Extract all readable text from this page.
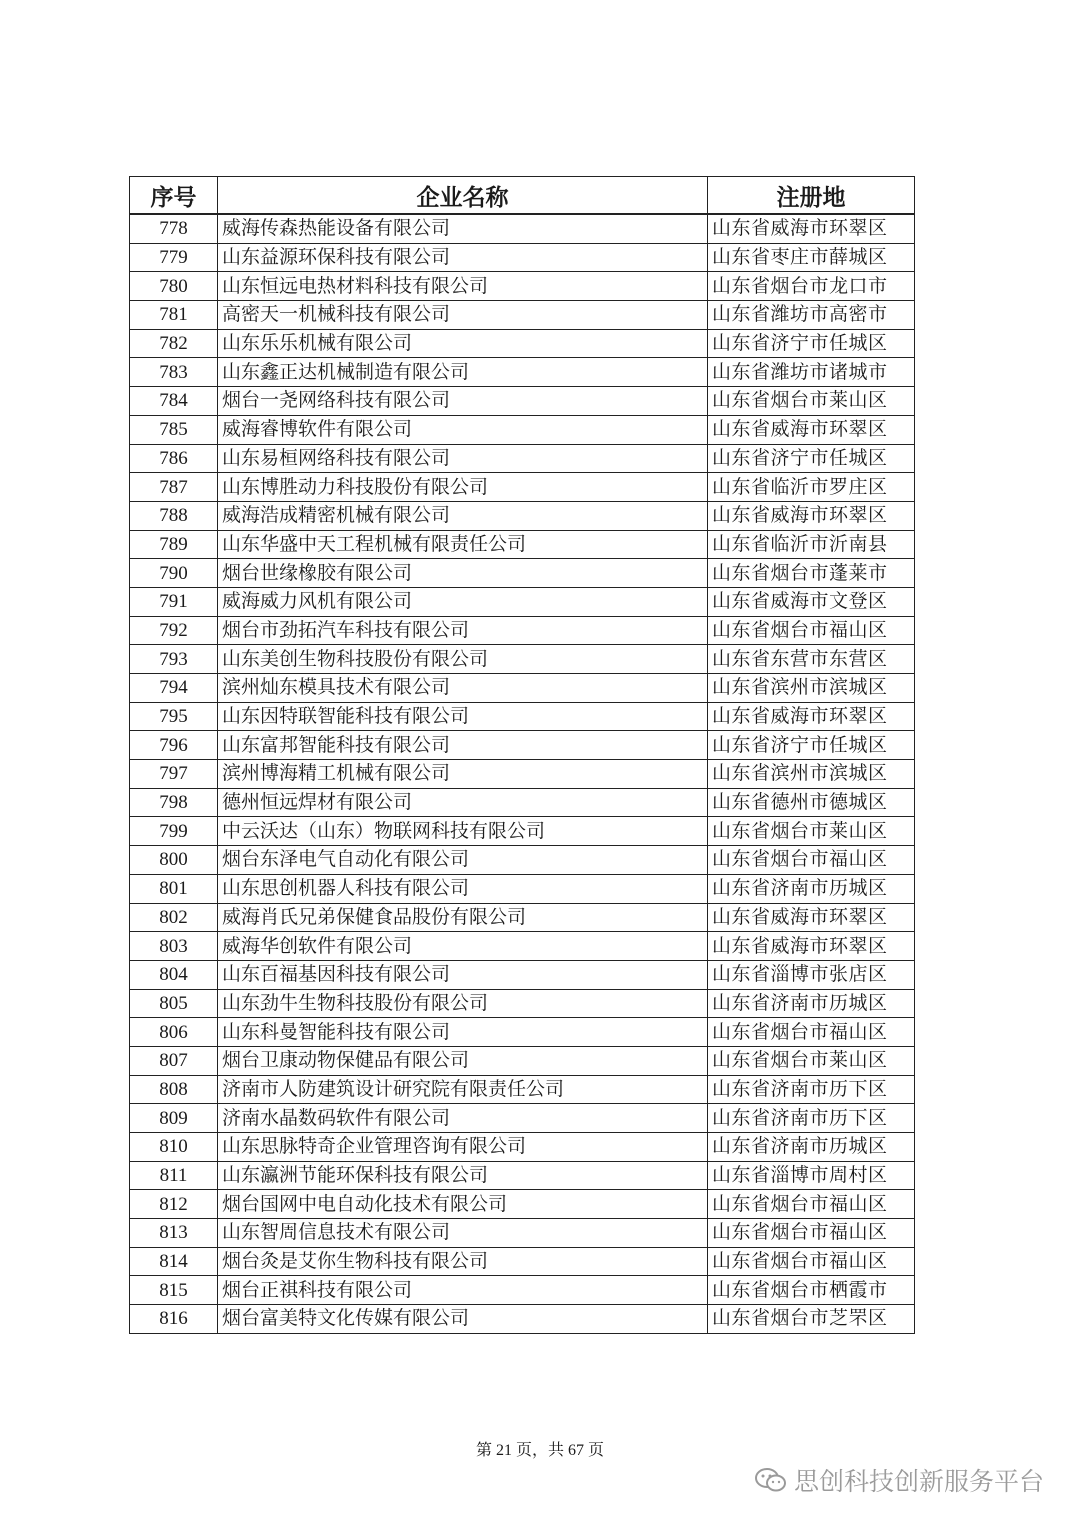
序号	企业名称	注册地
778	威海传森热能设备有限公司	山东省威海市环翠区
779	山东益源环保科技有限公司	山东省枣庄市薛城区
780	山东恒远电热材料科技有限公司	山东省烟台市龙口市
781	高密天一机械科技有限公司	山东省潍坊市高密市
782	山东乐乐机械有限公司	山东省济宁市任城区
783	山东鑫正达机械制造有限公司	山东省潍坊市诸城市
784	烟台一尧网络科技有限公司	山东省烟台市莱山区
785	威海睿博软件有限公司	山东省威海市环翠区
786	山东易桓网络科技有限公司	山东省济宁市任城区
787	山东博胜动力科技股份有限公司	山东省临沂市罗庄区
788	威海浩成精密机械有限公司	山东省威海市环翠区
789	山东华盛中天工程机械有限责任公司	山东省临沂市沂南县
790	烟台世缘橡胶有限公司	山东省烟台市蓬莱市
791	威海威力风机有限公司	山东省威海市文登区
792	烟台市劲拓汽车科技有限公司	山东省烟台市福山区
793	山东美创生物科技股份有限公司	山东省东营市东营区
794	滨州灿东模具技术有限公司	山东省滨州市滨城区
795	山东因特联智能科技有限公司	山东省威海市环翠区
796	山东富邦智能科技有限公司	山东省济宁市任城区
797	滨州博海精工机械有限公司	山东省滨州市滨城区
798	德州恒远焊材有限公司	山东省德州市德城区
799	中云沃达（山东）物联网科技有限公司	山东省烟台市莱山区
800	烟台东泽电气自动化有限公司	山东省烟台市福山区
801	山东思创机器人科技有限公司	山东省济南市历城区
802	威海肖氏兄弟保健食品股份有限公司	山东省威海市环翠区
803	威海华创软件有限公司	山东省威海市环翠区
804	山东百福基因科技有限公司	山东省淄博市张店区
805	山东劲牛生物科技股份有限公司	山东省济南市历城区
806	山东科曼智能科技有限公司	山东省烟台市福山区
807	烟台卫康动物保健品有限公司	山东省烟台市莱山区
808	济南市人防建筑设计研究院有限责任公司	山东省济南市历下区
809	济南水晶数码软件有限公司	山东省济南市历下区
810	山东思脉特奇企业管理咨询有限公司	山东省济南市历城区
811	山东瀛洲节能环保科技有限公司	山东省淄博市周村区
812	烟台国网中电自动化技术有限公司	山东省烟台市福山区
813	山东智周信息技术有限公司	山东省烟台市福山区
814	烟台灸是艾你生物科技有限公司	山东省烟台市福山区
815	烟台正祺科技有限公司	山东省烟台市栖霞市
816	烟台富美特文化传媒有限公司	山东省烟台市芝罘区
第 21 页，共 67 页
思创科技创新服务平台
